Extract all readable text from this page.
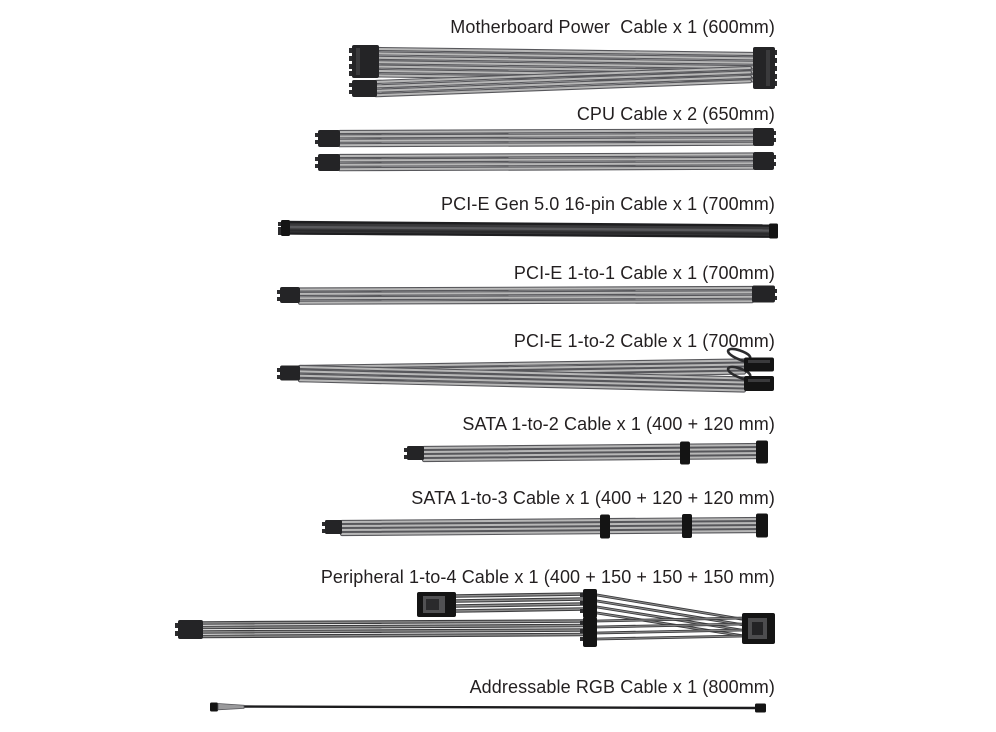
Motherboard Power  Cable x 1 (600mm)
CPU Cable x 2 (650mm)
PCI-E Gen 5.0 16-pin Cable x 1 (700mm)
PCI-E 1-to-1 Cable x 1 (700mm)
PCI-E 1-to-2 Cable x 1 (700mm)
SATA 1-to-2 Cable x 1 (400 + 120 mm)
SATA 1-to-3 Cable x 1 (400 + 120 + 120 mm)
Peripheral 1-to-4 Cable x 1 (400 + 150 + 150 + 150 mm)
Addressable RGB Cable x 1 (800mm)
